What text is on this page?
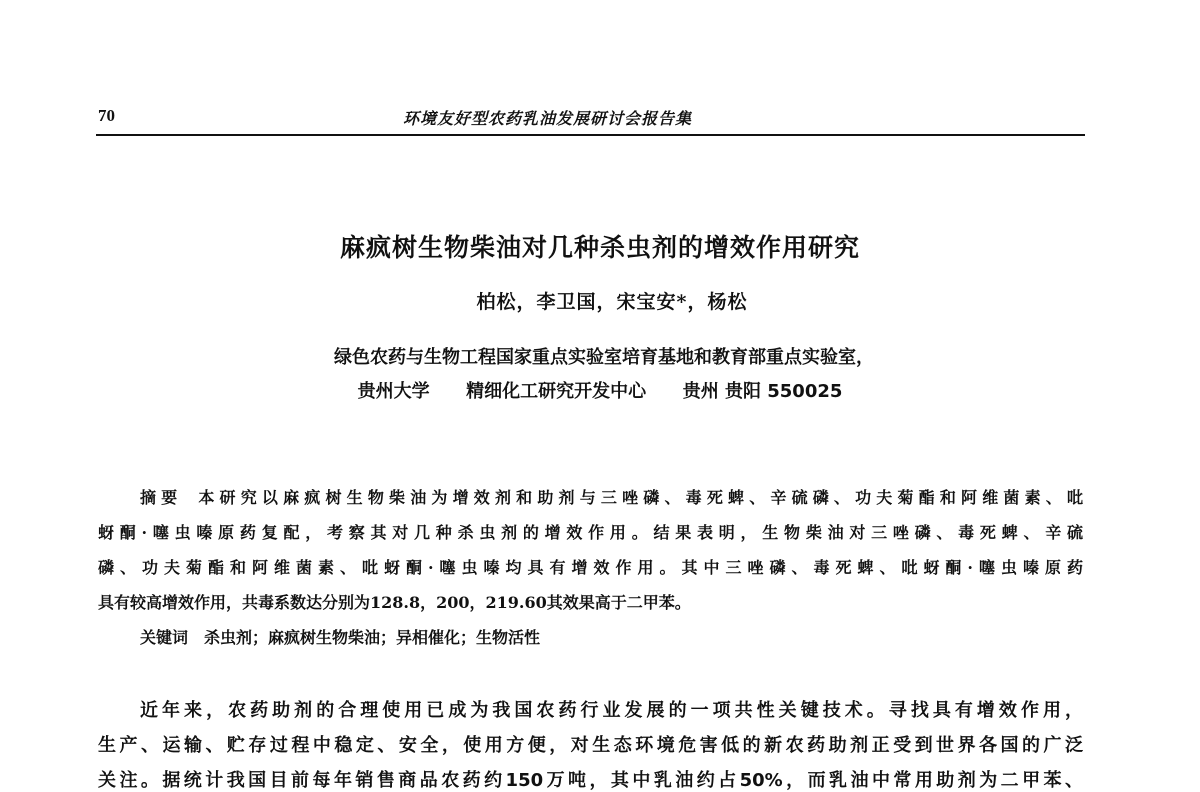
70	环境友好型农药乳油发展研讨会报告集
麻疯树生物柴油对几种杀虫剂的增效作用研究
柏松，李卫国，宋宝安*，杨松
绿色农药与生物工程国家重点实验室培育基地和教育部重点实验室，
贵州大学 精细化工研究开发中心 贵州 贵阳 550025
摘要 本研究以麻疯树生物柴油为增效剂和助剂与三唑磷、毒死蜱、辛硫磷、功夫菊酯和阿维菌素、吡
蚜酮·噻虫嗪原药复配，考察其对几种杀虫剂的增效作用。结果表明，生物柴油对三唑磷、毒死蜱、辛硫
磷、功夫菊酯和阿维菌素、吡蚜酮·噻虫嗪均具有增效作用。其中三唑磷、毒死蜱、吡蚜酮·噻虫嗪原药
具有较高增效作用，共毒系数达分别为128.8，200，219.60其效果高于二甲苯。
关键词 杀虫剂；麻疯树生物柴油；异相催化；生物活性
近年来，农药助剂的合理使用已成为我国农药行业发展的一项共性关键技术。寻找具有增效作用，
生产、运输、贮存过程中稳定、安全，使用方便，对生态环境危害低的新农药助剂正受到世界各国的广泛
关注。据统计我国目前每年销售商品农药约150万吨，其中乳油约占50%，而乳油中常用助剂为二甲苯、
